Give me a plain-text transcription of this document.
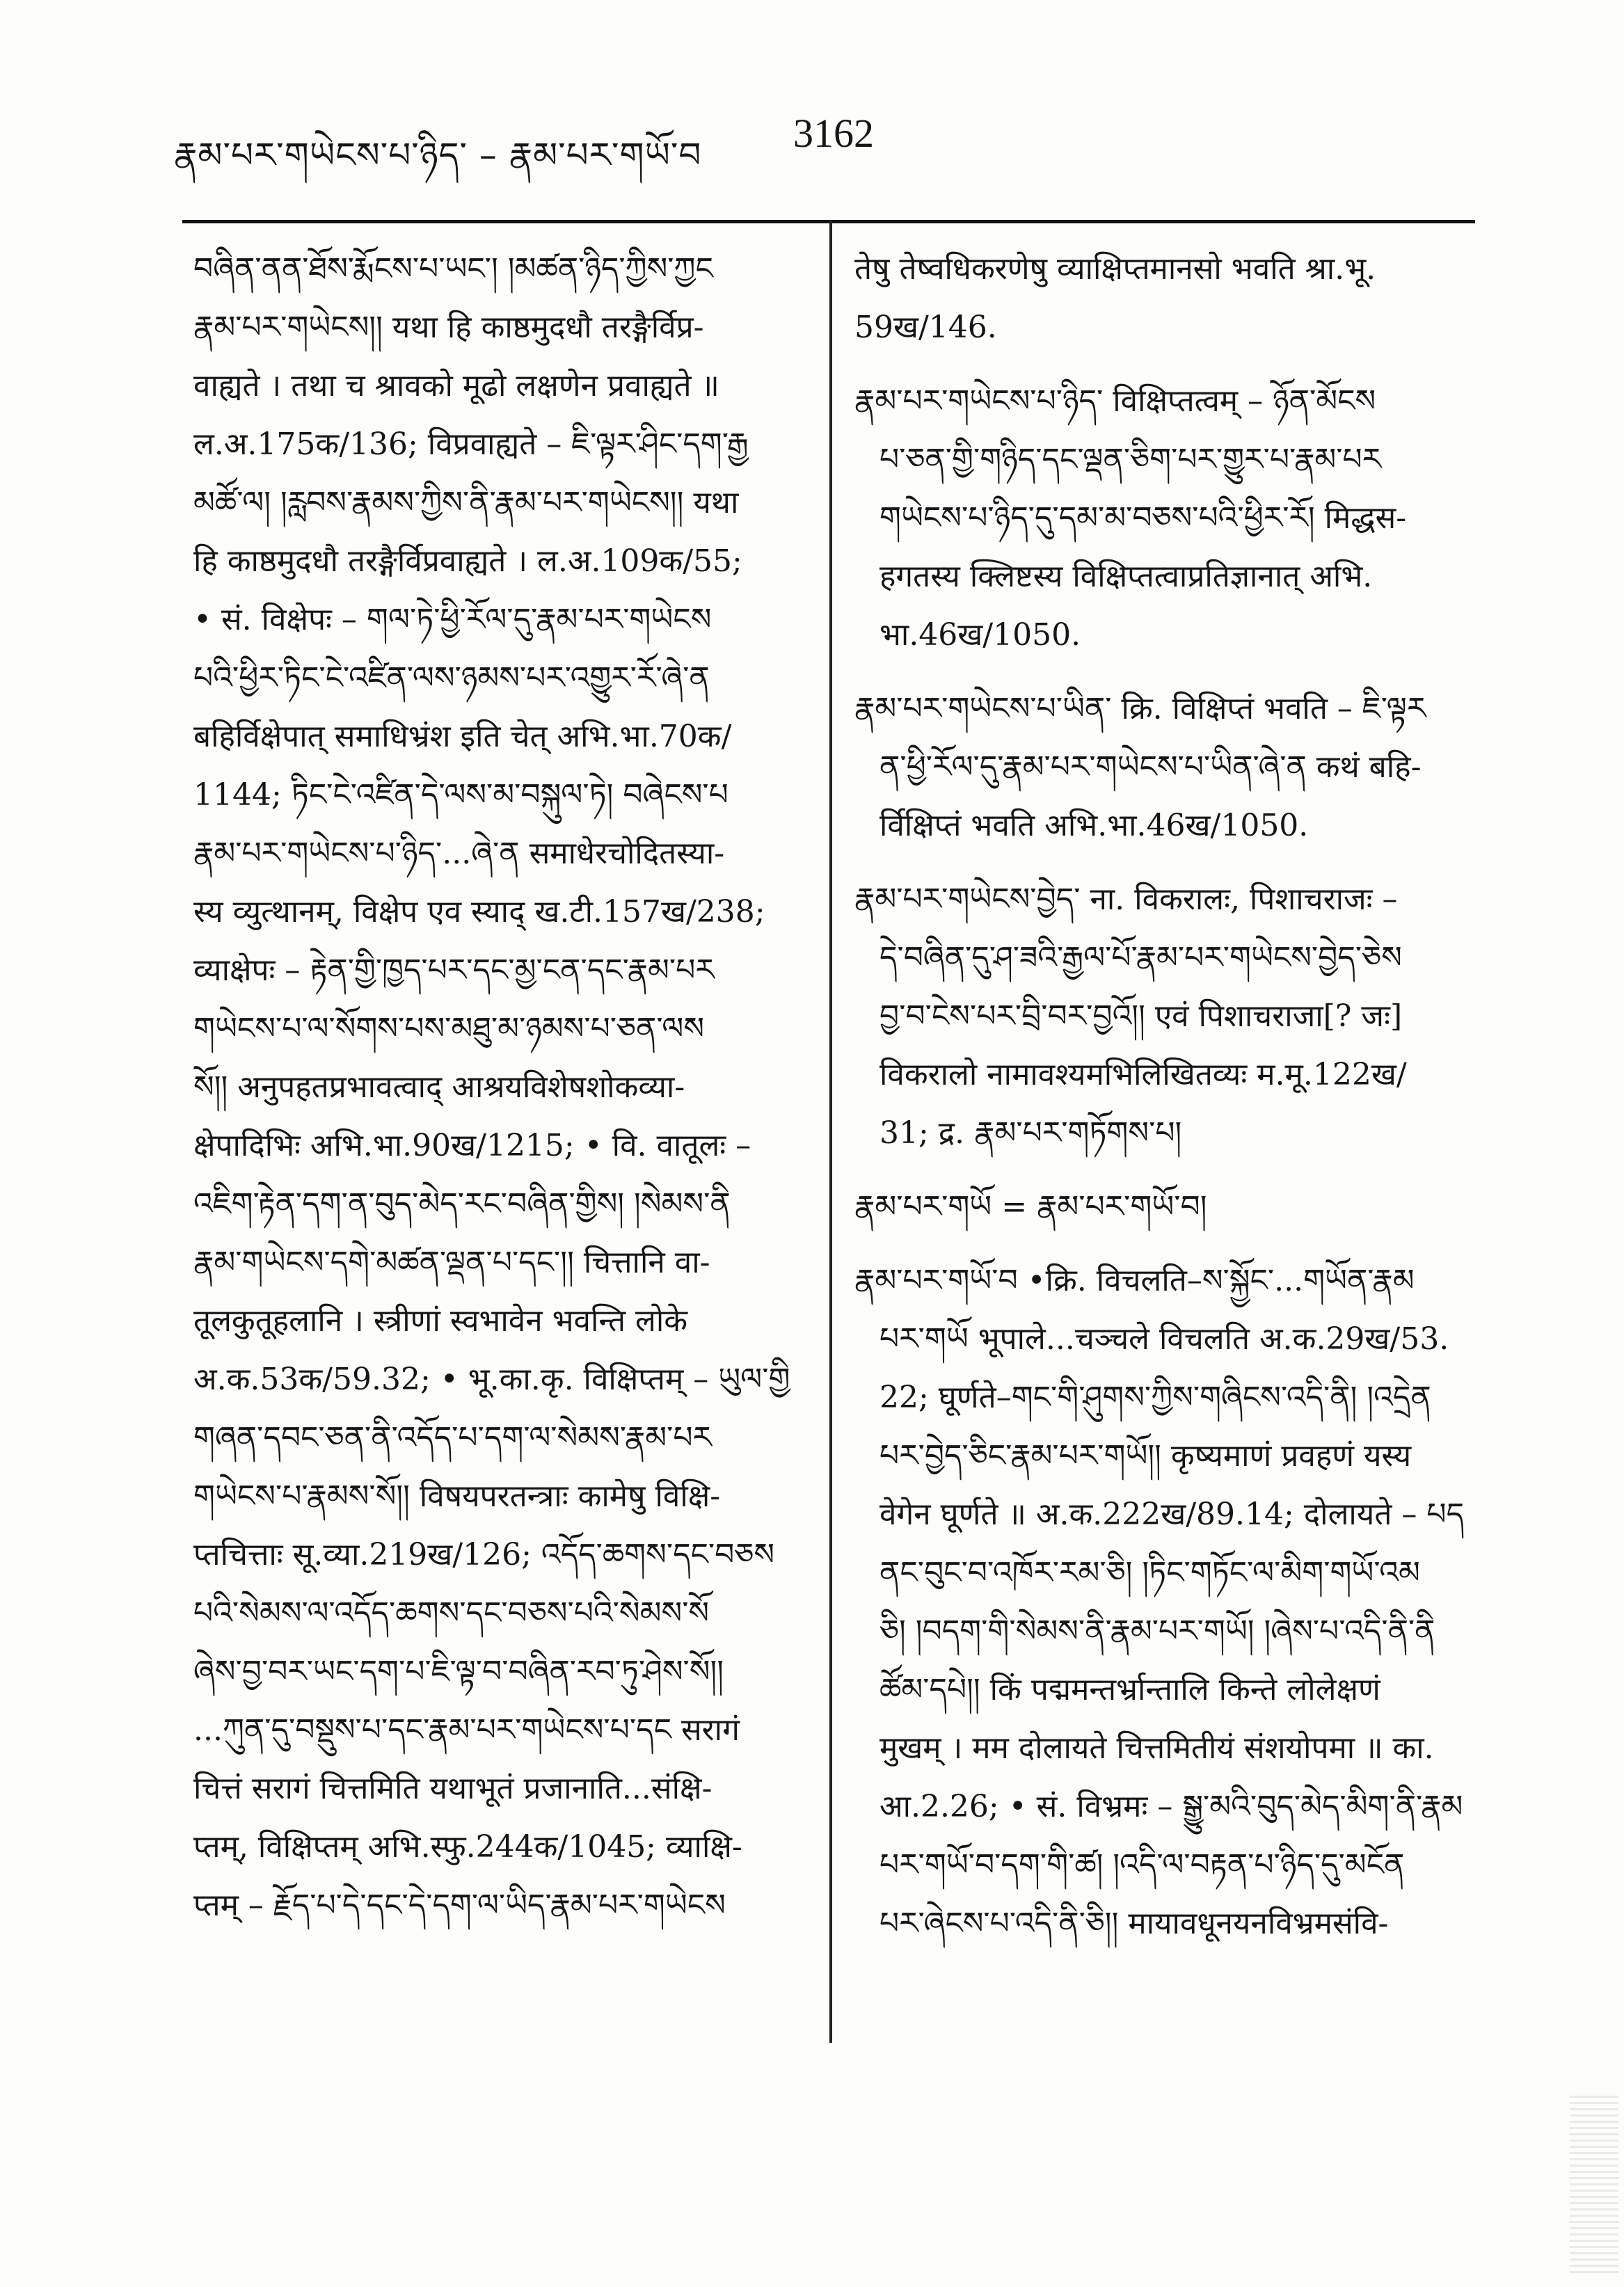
རྣམ་པར་གཡེངས་པ་ཉིད་ – རྣམ་པར་གཡོ་བ 3162
བཞིན་ནན་ཐོས་རྨོངས་པ་ཡང་། །མཚན་ཉིད་ཀྱིས་ཀྱང
རྣམ་པར་གཡེངས།། यथा हि काष्ठमुदधौ तरङ्गैर्विप्र-
वाह्यते । तथा च श्रावको मूढो लक्षणेन प्रवाह्यते ॥
ल.अ.175क/136; विप्रवाह्यते – ཇི་ལྟར་ཤིང་དག་རྒྱ
མཚོ་ལ། །རླབས་རྣམས་ཀྱིས་ནི་རྣམ་པར་གཡེངས།། यथा
हि काष्ठमुदधौ तरङ्गैर्विप्रवाह्यते । ल.अ.109क/55;
• सं. विक्षेपः – གལ་ཏེ་ཕྱི་རོལ་དུ་རྣམ་པར་གཡེངས
པའི་ཕྱིར་ཏིང་ངེ་འཛིན་ལས་ཉམས་པར་འགྱུར་རོ་ཞེ་ན
बहिर्विक्षेपात् समाधिभ्रंश इति चेत् अभि.भा.70क/
1144; ཏིང་ངེ་འཛིན་དེ་ལས་མ་བསྐུལ་ཏེ། བཞེངས་པ
རྣམ་པར་གཡེངས་པ་ཉིད་...ཞེ་ན समाधेरचोदितस्या-
स्य व्युत्थानम्, विक्षेप एव स्याद् ख.टी.157ख/238;
व्याक्षेपः – རྟེན་གྱི་ཁྱད་པར་དང་མྱ་ངན་དང་རྣམ་པར
གཡེངས་པ་ལ་སོགས་པས་མཐུ་མ་ཉམས་པ་ཅན་ལས
སོ།། अनुपहतप्रभावत्वाद् आश्रयविशेषशोकव्या-
क्षेपादिभिः अभि.भा.90ख/1215; • वि. वातूलः –
འཇིག་རྟེན་དག་ན་བུད་མེད་རང་བཞིན་གྱིས། །སེམས་ནི
རྣམ་གཡེངས་དགེ་མཚན་ལྡན་པ་དང་།། चित्तानि वा-
तूलकुतूहलानि । स्त्रीणां स्वभावेन भवन्ति लोके
अ.क.53क/59.32; • भू.का.कृ. विक्षिप्तम् – ཡུལ་གྱི
གཞན་དབང་ཅན་ནི་འདོད་པ་དག་ལ་སེམས་རྣམ་པར
གཡེངས་པ་རྣམས་སོ།། विषयपरतन्त्राः कामेषु विक्षि-
प्तचित्ताः सू.व्या.219ख/126; འདོད་ཆགས་དང་བཅས
པའི་སེམས་ལ་འདོད་ཆགས་དང་བཅས་པའི་སེམས་སོ
ཞེས་བྱ་བར་ཡང་དག་པ་ཇི་ལྟ་བ་བཞིན་རབ་ཏུ་ཤེས་སོ།།
...ཀུན་དུ་བསྡུས་པ་དང་རྣམ་པར་གཡེངས་པ་དང सरागं
चित्तं सरागं चित्तमिति यथाभूतं प्रजानाति...संक्षि-
प्तम्, विक्षिप्तम् अभि.स्फु.244क/1045; व्याक्षि-
प्तम् – རྗོད་པ་དེ་དང་དེ་དག་ལ་ཡིད་རྣམ་པར་གཡེངས
तेषु तेष्वधिकरणेषु व्याक्षिप्तमानसो भवति श्रा.भू.
59ख/146.
རྣམ་པར་གཡེངས་པ་ཉིད་ विक्षिप्तत्वम् – ཉོན་མོངས
པ་ཅན་གྱི་གཉིད་དང་ལྡན་ཅིག་པར་གྱུར་པ་རྣམ་པར
གཡེངས་པ་ཉིད་དུ་དམ་མ་བཅས་པའི་ཕྱིར་རོ། मिद्धस-
हगतस्य क्लिष्टस्य विक्षिप्तत्वाप्रतिज्ञानात् अभि.
भा.46ख/1050.
རྣམ་པར་གཡེངས་པ་ཡིན་ क्रि. विक्षिप्तं भवति – ཇི་ལྟར
ན་ཕྱི་རོལ་དུ་རྣམ་པར་གཡེངས་པ་ཡིན་ཞེ་ན कथं बहि-
र्विक्षिप्तं भवति अभि.भा.46ख/1050.
རྣམ་པར་གཡེངས་བྱེད་ ना. विकरालः, पिशाचराजः –
དེ་བཞིན་དུ་ཤ་ཟའི་རྒྱལ་པོ་རྣམ་པར་གཡེངས་བྱེད་ཅེས
བྱ་བ་ངེས་པར་བྲི་བར་བྱའོ།། एवं पिशाचराजा[? जः]
विकरालो नामावश्यमभिलिखितव्यः म.मू.122ख/
31; द्र. རྣམ་པར་གཏོགས་པ།
རྣམ་པར་གཡོ = རྣམ་པར་གཡོ་བ།
རྣམ་པར་གཡོ་བ •क्रि. विचलति–ས་སྐྱོང་...གཡོན་རྣམ
པར་གཡོ भूपाले...चञ्चले विचलति अ.क.29ख/53.
22; घूर्णते–གང་གི་ཤུགས་ཀྱིས་གཞིངས་འདི་ནི། །འདྲེན
པར་བྱེད་ཅིང་རྣམ་པར་གཡོ།། कृष्यमाणं प्रवहणं यस्य
वेगेन घूर्णते ॥ अ.क.222ख/89.14; दोलायते – པད
ནང་བུང་བ་འཁོར་རམ་ཅི། །ཏིང་གཏོང་ལ་མིག་གཡོ་འམ
ཅི། །བདག་གི་སེམས་ནི་རྣམ་པར་གཡོ། །ཞེས་པ་འདི་ནི་ནི
ཚོམ་དཔེ།། किं पद्ममन्तर्भ्रान्तालि किन्ते लोलेक्षणं
मुखम् । मम दोलायते चित्तमितीयं संशयोपमा ॥ का.
आ.2.26; • सं. विभ्रमः – སྒྱུ་མའི་བུད་མེད་མིག་ནི་རྣམ
པར་གཡོ་བ་དག་གི་ཚ། །འདི་ལ་བརྟན་པ་ཉིད་དུ་མངོན
པར་ཞེངས་པ་འདི་ནི་ཅི།། मायावधूनयनविभ्रमसंवि-
